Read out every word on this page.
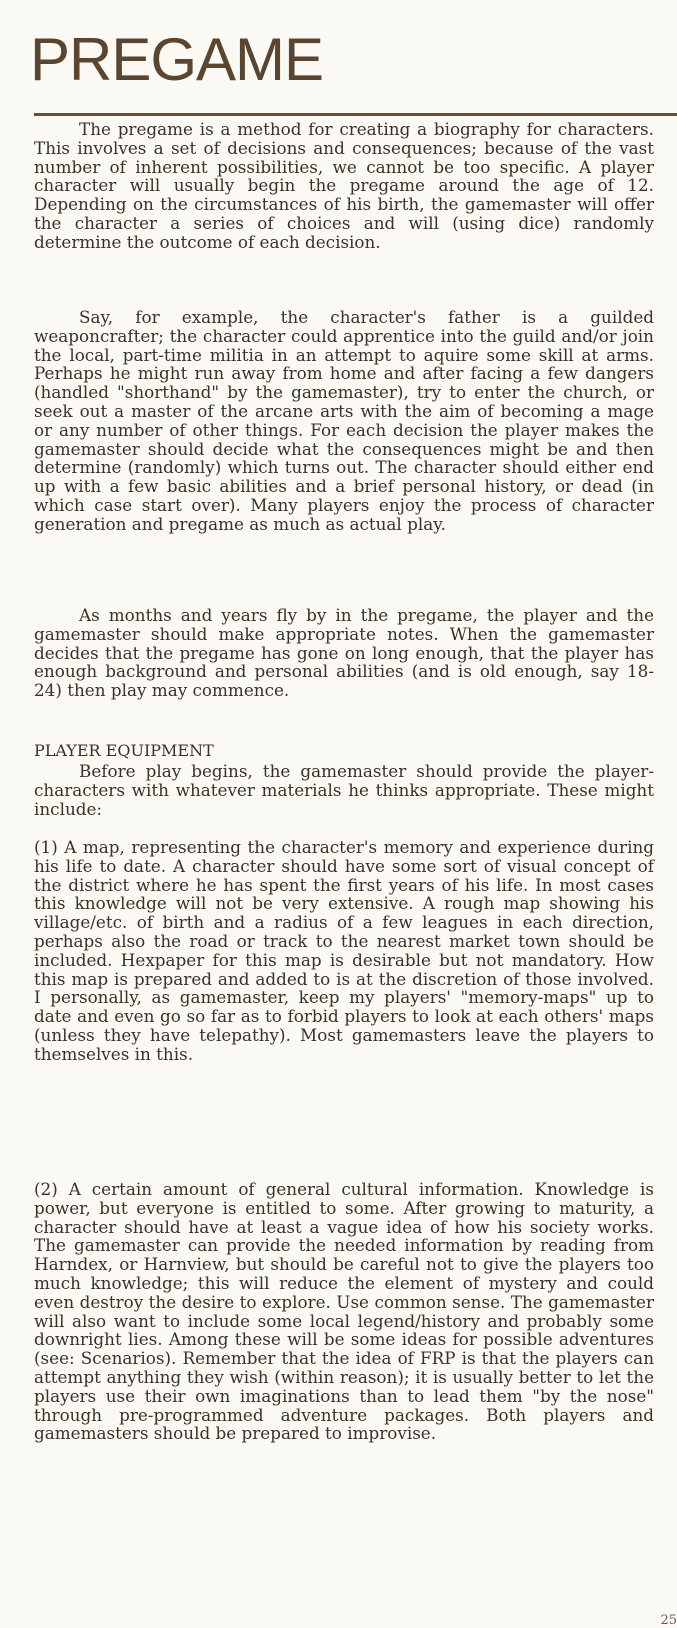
PREGAME

The pregame is a method for creating a biography for characters. This involves a set of decisions and consequences; because of the vast number of inherent possibilities, we cannot be too specific. A player character will usually begin the pregame around the age of 12. Depending on the circumstances of his birth, the gamemaster will offer the character a series of choices and will (using dice) randomly determine the outcome of each decision.

Say, for example, the character's father is a guilded weaponcrafter; the character could apprentice into the guild and/or join the local, part-time militia in an attempt to aquire some skill at arms. Perhaps he might run away from home and after facing a few dangers (handled "shorthand" by the gamemaster), try to enter the church, or seek out a master of the arcane arts with the aim of becoming a mage or any number of other things. For each decision the player makes the gamemaster should decide what the consequences might be and then determine (randomly) which turns out. The character should either end up with a few basic abilities and a brief personal history, or dead (in which case start over). Many players enjoy the process of character generation and pregame as much as actual play.

As months and years fly by in the pregame, the player and the gamemaster should make appropriate notes. When the gamemaster decides that the pregame has gone on long enough, that the player has enough background and personal abilities (and is old enough, say 18-24) then play may commence.

PLAYER EQUIPMENT

Before play begins, the gamemaster should provide the player-characters with whatever materials he thinks appropriate. These might include:

(1) A map, representing the character's memory and experience during his life to date. A character should have some sort of visual concept of the district where he has spent the first years of his life. In most cases this knowledge will not be very extensive. A rough map showing his village/etc. of birth and a radius of a few leagues in each direction, perhaps also the road or track to the nearest market town should be included. Hexpaper for this map is desirable but not mandatory. How this map is prepared and added to is at the discretion of those involved. I personally, as gamemaster, keep my players' "memory-maps" up to date and even go so far as to forbid players to look at each others' maps (unless they have telepathy). Most gamemasters leave the players to themselves in this.

(2) A certain amount of general cultural information. Knowledge is power, but everyone is entitled to some. After growing to maturity, a character should have at least a vague idea of how his society works. The gamemaster can provide the needed information by reading from Harndex, or Harnview, but should be careful not to give the players too much knowledge; this will reduce the element of mystery and could even destroy the desire to explore. Use common sense. The gamemaster will also want to include some local legend/history and probably some downright lies. Among these will be some ideas for possible adventures (see: Scenarios). Remember that the idea of FRP is that the players can attempt anything they wish (within reason); it is usually better to let the players use their own imaginations than to lead them "by the nose" through pre-programmed adventure packages. Both players and gamemasters should be prepared to improvise.

25
